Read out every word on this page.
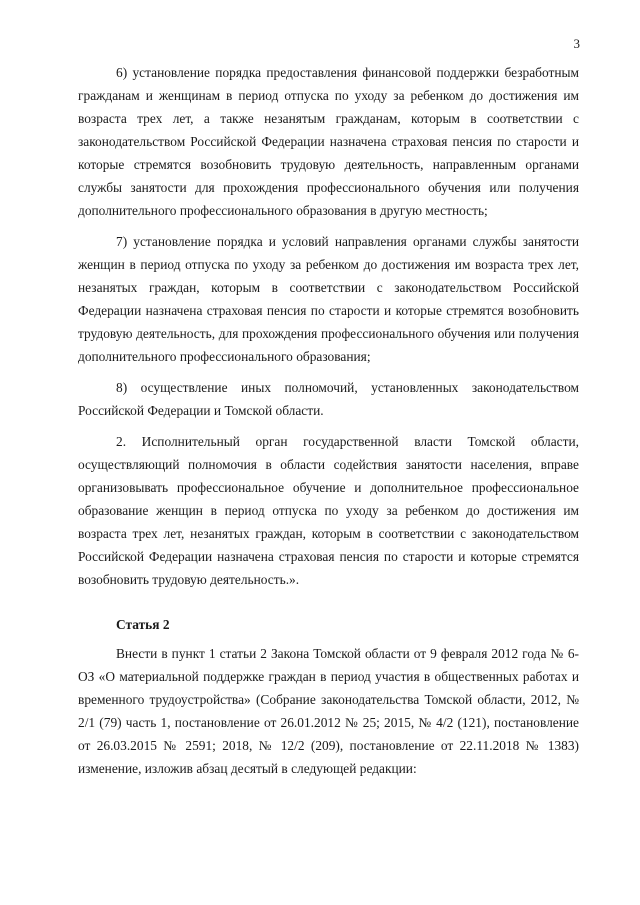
3

6) установление порядка предоставления финансовой поддержки безработным гражданам и женщинам в период отпуска по уходу за ребенком до достижения им возраста трех лет, а также незанятым гражданам, которым в соответствии с законодательством Российской Федерации назначена страховая пенсия по старости и которые стремятся возобновить трудовую деятельность, направленным органами службы занятости для прохождения профессионального обучения или получения дополнительного профессионального образования в другую местность;

7) установление порядка и условий направления органами службы занятости женщин в период отпуска по уходу за ребенком до достижения им возраста трех лет, незанятых граждан, которым в соответствии с законодательством Российской Федерации назначена страховая пенсия по старости и которые стремятся возобновить трудовую деятельность, для прохождения профессионального обучения или получения дополнительного профессионального образования;

8) осуществление иных полномочий, установленных законодательством Российской Федерации и Томской области.

2. Исполнительный орган государственной власти Томской области, осуществляющий полномочия в области содействия занятости населения, вправе организовывать профессиональное обучение и дополнительное профессиональное образование женщин в период отпуска по уходу за ребенком до достижения им возраста трех лет, незанятых граждан, которым в соответствии с законодательством Российской Федерации назначена страховая пенсия по старости и которые стремятся возобновить трудовую деятельность.».

Статья 2

Внести в пункт 1 статьи 2 Закона Томской области от 9 февраля 2012 года № 6-ОЗ «О материальной поддержке граждан в период участия в общественных работах и временного трудоустройства» (Собрание законодательства Томской области, 2012, № 2/1 (79) часть 1, постановление от 26.01.2012 № 25; 2015, № 4/2 (121), постановление от 26.03.2015 № 2591; 2018, № 12/2 (209), постановление от 22.11.2018 № 1383) изменение, изложив абзац десятый в следующей редакции:
